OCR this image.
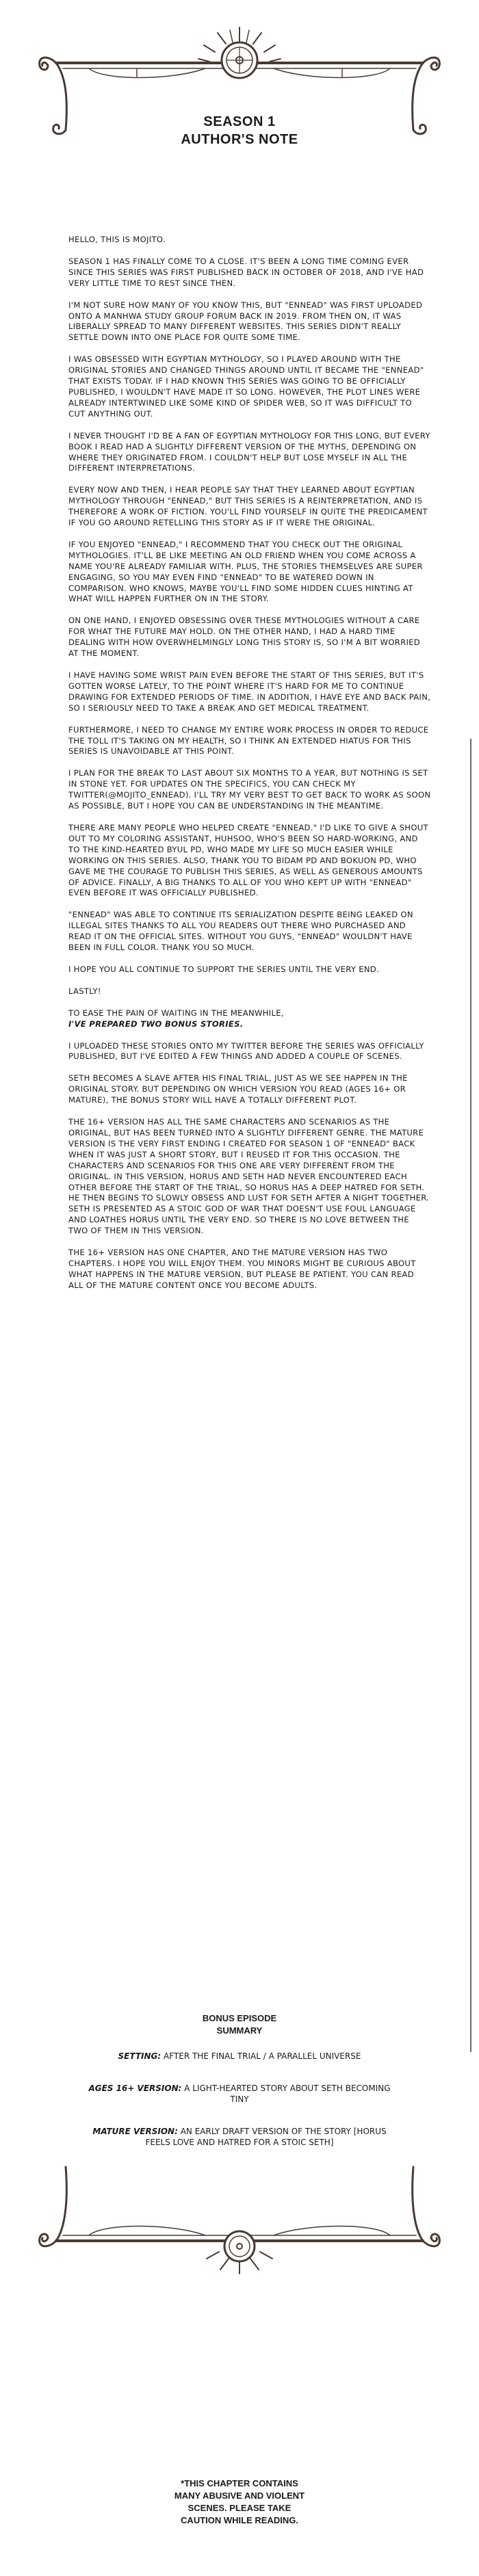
SEASON 1
AUTHOR'S NOTE

HELLO, THIS IS MOJITO.

SEASON 1 HAS FINALLY COME TO A CLOSE. IT'S BEEN A LONG TIME COMING EVER SINCE THIS SERIES WAS FIRST PUBLISHED BACK IN OCTOBER OF 2018, AND I'VE HAD VERY LITTLE TIME TO REST SINCE THEN.

I'M NOT SURE HOW MANY OF YOU KNOW THIS, BUT "ENNEAD" WAS FIRST UPLOADED ONTO A MANHWA STUDY GROUP FORUM BACK IN 2019. FROM THEN ON, IT WAS LIBERALLY SPREAD TO MANY DIFFERENT WEBSITES. THIS SERIES DIDN'T REALLY SETTLE DOWN INTO ONE PLACE FOR QUITE SOME TIME.

I WAS OBSESSED WITH EGYPTIAN MYTHOLOGY, SO I PLAYED AROUND WITH THE ORIGINAL STORIES AND CHANGED THINGS AROUND UNTIL IT BECAME THE "ENNEAD" THAT EXISTS TODAY. IF I HAD KNOWN THIS SERIES WAS GOING TO BE OFFICIALLY PUBLISHED, I WOULDN'T HAVE MADE IT SO LONG. HOWEVER, THE PLOT LINES WERE ALREADY INTERTWINED LIKE SOME KIND OF SPIDER WEB, SO IT WAS DIFFICULT TO CUT ANYTHING OUT.

I NEVER THOUGHT I'D BE A FAN OF EGYPTIAN MYTHOLOGY FOR THIS LONG, BUT EVERY BOOK I READ HAD A SLIGHTLY DIFFERENT VERSION OF THE MYTHS, DEPENDING ON WHERE THEY ORIGINATED FROM. I COULDN'T HELP BUT LOSE MYSELF IN ALL THE DIFFERENT INTERPRETATIONS.

EVERY NOW AND THEN, I HEAR PEOPLE SAY THAT THEY LEARNED ABOUT EGYPTIAN MYTHOLOGY THROUGH "ENNEAD," BUT THIS SERIES IS A REINTERPRETATION, AND IS THEREFORE A WORK OF FICTION. YOU'LL FIND YOURSELF IN QUITE THE PREDICAMENT IF YOU GO AROUND RETELLING THIS STORY AS IF IT WERE THE ORIGINAL.

IF YOU ENJOYED "ENNEAD," I RECOMMEND THAT YOU CHECK OUT THE ORIGINAL MYTHOLOGIES. IT'LL BE LIKE MEETING AN OLD FRIEND WHEN YOU COME ACROSS A NAME YOU'RE ALREADY FAMILIAR WITH. PLUS, THE STORIES THEMSELVES ARE SUPER ENGAGING, SO YOU MAY EVEN FIND "ENNEAD" TO BE WATERED DOWN IN COMPARISON. WHO KNOWS, MAYBE YOU'LL FIND SOME HIDDEN CLUES HINTING AT WHAT WILL HAPPEN FURTHER ON IN THE STORY.

ON ONE HAND, I ENJOYED OBSESSING OVER THESE MYTHOLOGIES WITHOUT A CARE FOR WHAT THE FUTURE MAY HOLD. ON THE OTHER HAND, I HAD A HARD TIME DEALING WITH HOW OVERWHELMINGLY LONG THIS STORY IS, SO I'M A BIT WORRIED AT THE MOMENT.

I HAVE HAVING SOME WRIST PAIN EVEN BEFORE THE START OF THIS SERIES, BUT IT'S GOTTEN WORSE LATELY, TO THE POINT WHERE IT'S HARD FOR ME TO CONTINUE DRAWING FOR EXTENDED PERIODS OF TIME. IN ADDITION, I HAVE EYE AND BACK PAIN, SO I SERIOUSLY NEED TO TAKE A BREAK AND GET MEDICAL TREATMENT.

FURTHERMORE, I NEED TO CHANGE MY ENTIRE WORK PROCESS IN ORDER TO REDUCE THE TOLL IT'S TAKING ON MY HEALTH, SO I THINK AN EXTENDED HIATUS FOR THIS SERIES IS UNAVOIDABLE AT THIS POINT.

I PLAN FOR THE BREAK TO LAST ABOUT SIX MONTHS TO A YEAR, BUT NOTHING IS SET IN STONE YET. FOR UPDATES ON THE SPECIFICS, YOU CAN CHECK MY TWITTER(@MOJITO_ENNEAD). I'LL TRY MY VERY BEST TO GET BACK TO WORK AS SOON AS POSSIBLE, BUT I HOPE YOU CAN BE UNDERSTANDING IN THE MEANTIME.

THERE ARE MANY PEOPLE WHO HELPED CREATE "ENNEAD." I'D LIKE TO GIVE A SHOUT OUT TO MY COLORING ASSISTANT, HUHSOO, WHO'S BEEN SO HARD-WORKING, AND TO THE KIND-HEARTED BYUL PD, WHO MADE MY LIFE SO MUCH EASIER WHILE WORKING ON THIS SERIES. ALSO, THANK YOU TO BIDAM PD AND BOKUON PD, WHO GAVE ME THE COURAGE TO PUBLISH THIS SERIES, AS WELL AS GENEROUS AMOUNTS OF ADVICE. FINALLY, A BIG THANKS TO ALL OF YOU WHO KEPT UP WITH "ENNEAD" EVEN BEFORE IT WAS OFFICIALLY PUBLISHED.

"ENNEAD" WAS ABLE TO CONTINUE ITS SERIALIZATION DESPITE BEING LEAKED ON ILLEGAL SITES THANKS TO ALL YOU READERS OUT THERE WHO PURCHASED AND READ IT ON THE OFFICIAL SITES. WITHOUT YOU GUYS, "ENNEAD" WOULDN'T HAVE BEEN IN FULL COLOR. THANK YOU SO MUCH.

I HOPE YOU ALL CONTINUE TO SUPPORT THE SERIES UNTIL THE VERY END.

LASTLY!

TO EASE THE PAIN OF WAITING IN THE MEANWHILE,

I'VE PREPARED TWO BONUS STORIES.

I UPLOADED THESE STORIES ONTO MY TWITTER BEFORE THE SERIES WAS OFFICIALLY PUBLISHED, BUT I'VE EDITED A FEW THINGS AND ADDED A COUPLE OF SCENES.

SETH BECOMES A SLAVE AFTER HIS FINAL TRIAL, JUST AS WE SEE HAPPEN IN THE ORIGINAL STORY. BUT DEPENDING ON WHICH VERSION YOU READ (AGES 16+ OR MATURE), THE BONUS STORY WILL HAVE A TOTALLY DIFFERENT PLOT.

THE 16+ VERSION HAS ALL THE SAME CHARACTERS AND SCENARIOS AS THE ORIGINAL, BUT HAS BEEN TURNED INTO A SLIGHTLY DIFFERENT GENRE. THE MATURE VERSION IS THE VERY FIRST ENDING I CREATED FOR SEASON 1 OF "ENNEAD" BACK WHEN IT WAS JUST A SHORT STORY, BUT I REUSED IT FOR THIS OCCASION. THE CHARACTERS AND SCENARIOS FOR THIS ONE ARE VERY DIFFERENT FROM THE ORIGINAL. IN THIS VERSION, HORUS AND SETH HAD NEVER ENCOUNTERED EACH OTHER BEFORE THE START OF THE TRIAL, SO HORUS HAS A DEEP HATRED FOR SETH. HE THEN BEGINS TO SLOWLY OBSESS AND LUST FOR SETH AFTER A NIGHT TOGETHER. SETH IS PRESENTED AS A STOIC GOD OF WAR THAT DOESN'T USE FOUL LANGUAGE AND LOATHES HORUS UNTIL THE VERY END. SO THERE IS NO LOVE BETWEEN THE TWO OF THEM IN THIS VERSION.

THE 16+ VERSION HAS ONE CHAPTER, AND THE MATURE VERSION HAS TWO CHAPTERS. I HOPE YOU WILL ENJOY THEM. YOU MINORS MIGHT BE CURIOUS ABOUT WHAT HAPPENS IN THE MATURE VERSION, BUT PLEASE BE PATIENT. YOU CAN READ ALL OF THE MATURE CONTENT ONCE YOU BECOME ADULTS.

BONUS EPISODE
SUMMARY
SETTING: AFTER THE FINAL TRIAL / A PARALLEL UNIVERSE
AGES 16+ VERSION: A LIGHT-HEARTED STORY ABOUT SETH BECOMING TINY
MATURE VERSION: AN EARLY DRAFT VERSION OF THE STORY [HORUS FEELS LOVE AND HATRED FOR A STOIC SETH]
*THIS CHAPTER CONTAINS
MANY ABUSIVE AND VIOLENT
SCENES. PLEASE TAKE
CAUTION WHILE READING.
